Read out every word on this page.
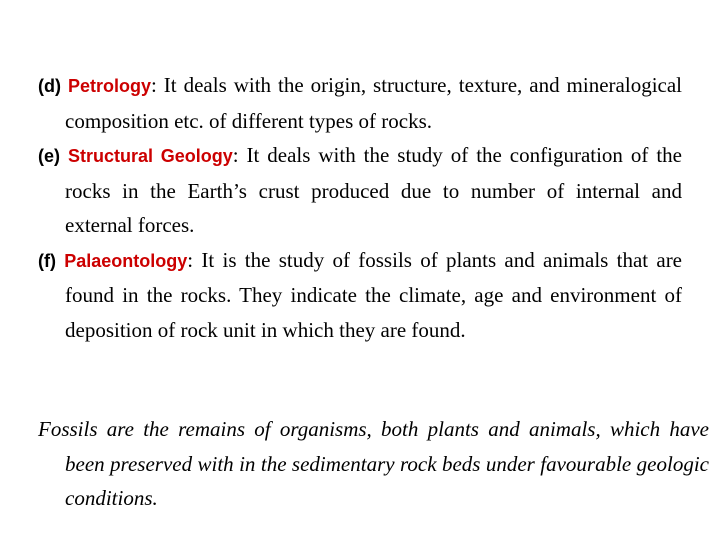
(d) Petrology: It deals with the origin, structure, texture, and mineralogical composition etc. of different types of rocks.

(e) Structural Geology: It deals with the study of the configuration of the rocks in the Earth’s crust produced due to number of internal and external forces.

(f) Palaeontology: It is the study of fossils of plants and animals that are found in the rocks. They indicate the climate, age and environment of deposition of rock unit in which they are found.

Fossils are the remains of organisms, both plants and animals, which have been preserved with in the sedimentary rock beds under favourable geologic conditions.
